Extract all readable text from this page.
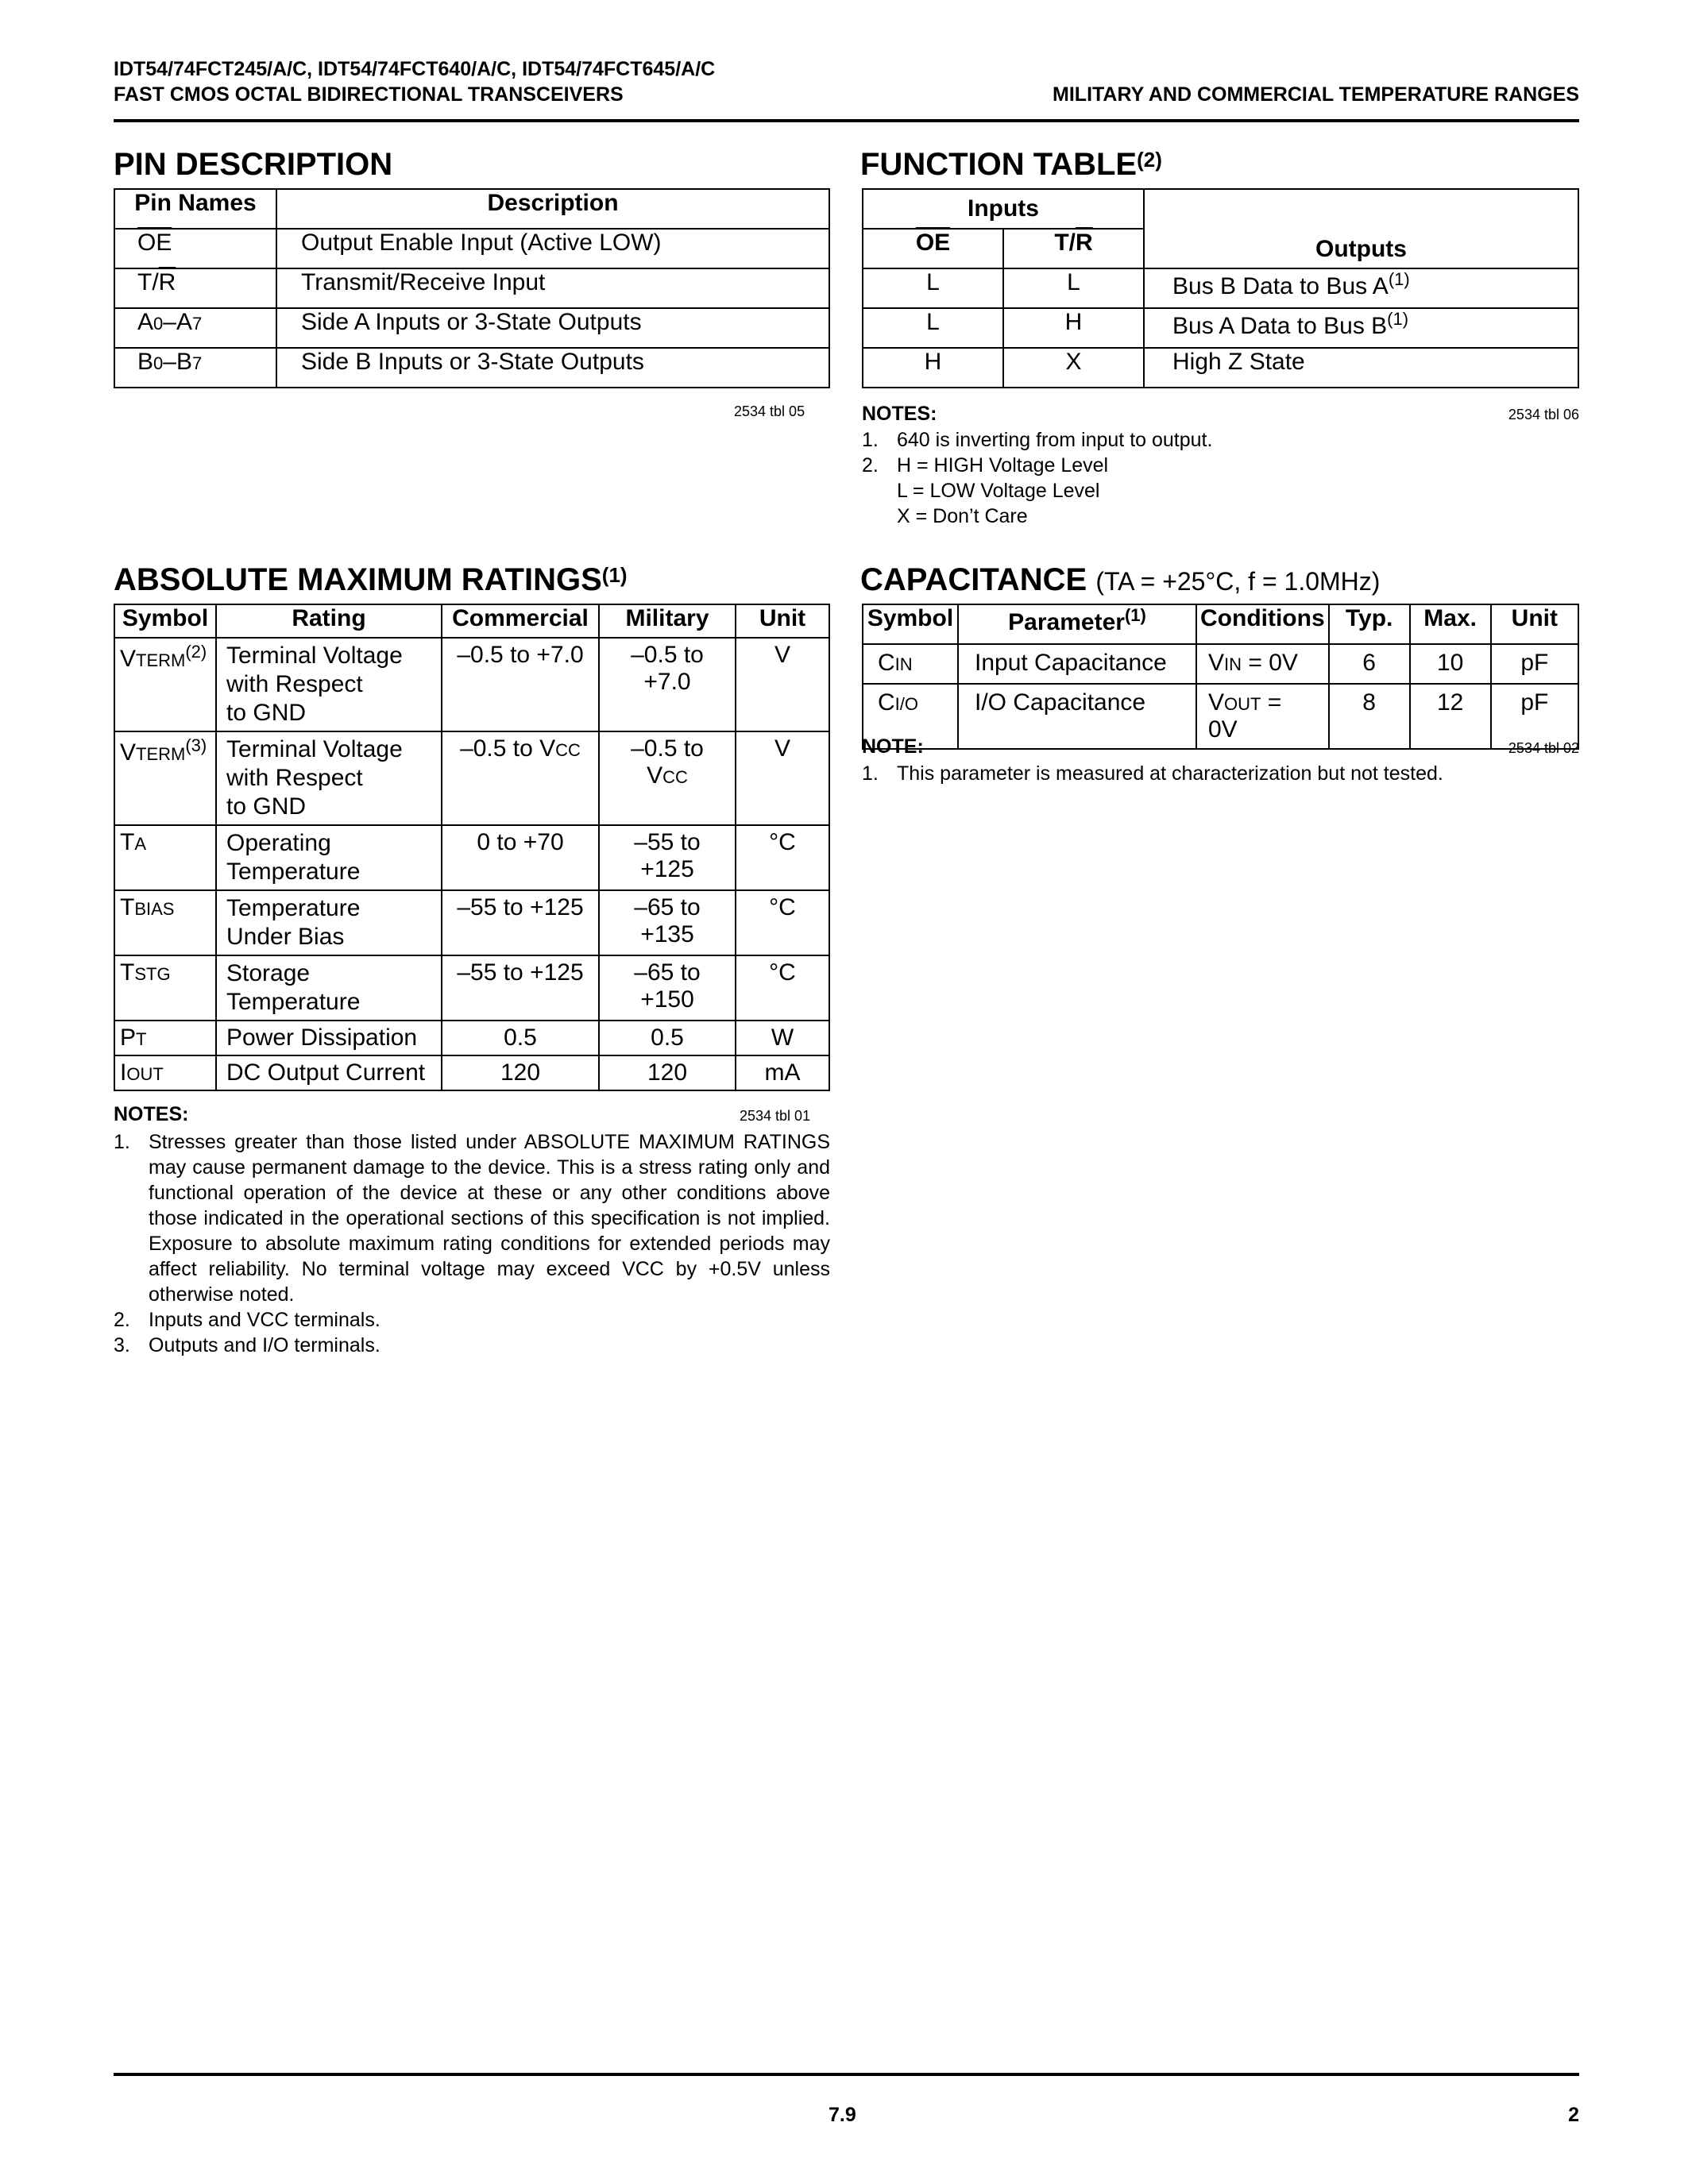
IDT54/74FCT245/A/C, IDT54/74FCT640/A/C, IDT54/74FCT645/A/C
FAST CMOS OCTAL BIDIRECTIONAL TRANSCEIVERS	MILITARY AND COMMERCIAL TEMPERATURE RANGES
PIN DESCRIPTION
Pin Names	Description
$\overline{OE}$	Output Enable Input (Active LOW)
$T/\overline{R}$	Transmit/Receive Input
A0–A7	Side A Inputs or 3-State Outputs
B0–B7	Side B Inputs or 3-State Outputs
2534 tbl 05
FUNCTION TABLE$^{(2)}$
Inputs		Outputs
$\overline{OE}$	$T/\overline{R}$
L	L	Bus B Data to Bus $A^{(1)}$
L	H	Bus A Data to Bus $B^{(1)}$
H	X	High Z State
NOTES:	2534 tbl 06
1. 640 is inverting from input to output.
2. H = HIGH Voltage Level
L = LOW Voltage Level
X = Don’t Care
ABSOLUTE MAXIMUM RATINGS$^{(1)}$
Symbol	Rating	Commercial	Military	Unit
VTERM$^{(2)}$	Terminal Voltage
with Respect
to GND	–0.5 to +7.0	–0.5 to +7.0	V
VTERM$^{(3)}$	Terminal Voltage
with Respect
to GND	–0.5 to VCC	–0.5 to VCC	V
TA	Operating
Temperature	0 to +70	–55 to +125	°C
TBIAS	Temperature
Under Bias	–55 to +125	–65 to +135	°C
TSTG	Storage
Temperature	–55 to +125	–65 to +150	°C
PT	Power Dissipation	0.5	0.5	W
IOUT	DC Output Current	120	120	mA
NOTES:	2534 tbl 01
1. Stresses greater than those listed under ABSOLUTE MAXIMUM RATINGS may cause permanent damage to the device. This is a stress rating only and functional operation of the device at these or any other conditions above those indicated in the operational sections of this specification is not implied. Exposure to absolute maximum rating conditions for extended periods may affect reliability. No terminal voltage may exceed VCC by +0.5V unless otherwise noted.
2. Inputs and VCC terminals.
3. Outputs and I/O terminals.
CAPACITANCE (TA = +25°C, f = 1.0MHz)
Symbol	Parameter$^{(1)}$	Conditions	Typ.	Max.	Unit
CIN	Input Capacitance	VIN = 0V	6	10	pF
CI/O	I/O Capacitance	VOUT = 0V	8	12	pF
NOTE:	2534 tbl 02
1. This parameter is measured at characterization but not tested.
7.9	2
